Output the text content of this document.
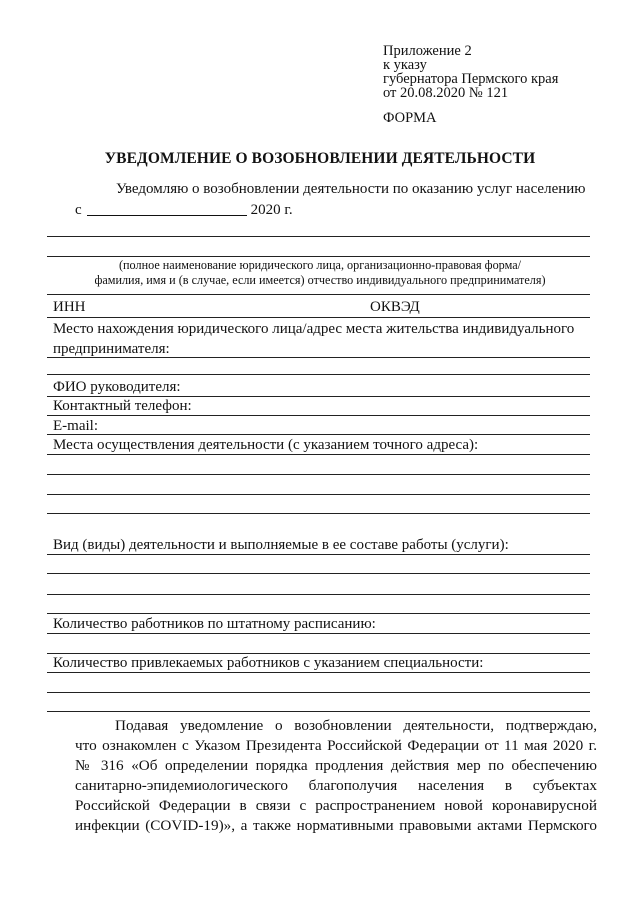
Приложение 2
к указу
губернатора Пермского края
от 20.08.2020 № 121
ФОРМА
УВЕДОМЛЕНИЕ О ВОЗОБНОВЛЕНИИ ДЕЯТЕЛЬНОСТИ
Уведомляю о возобновлении деятельности по оказанию услуг населению
с	2020 г.
(полное наименование юридического лица, организационно-правовая форма/
фамилия, имя и (в случае, если имеется) отчество индивидуального предпринимателя)
ИНН	ОКВЭД
Место нахождения юридического лица/адрес места жительства индивидуального
предпринимателя:
ФИО руководителя:
Контактный телефон:
E-mail:
Места осуществления деятельности (с указанием точного адреса):
Вид (виды) деятельности и выполняемые в ее составе работы (услуги):
Количество работников по штатному расписанию:
Количество привлекаемых работников с указанием специальности:
Подавая уведомление о возобновлении деятельности, подтверждаю,
что ознакомлен с Указом Президента Российской Федерации от 11 мая 2020 г.
№ 316 «Об определении порядка продления действия мер по обеспечению
санитарно-эпидемиологического благополучия населения в субъектах
Российской Федерации в связи с распространением новой коронавирусной
инфекции (COVID-19)», а также нормативными правовыми актами Пермского
